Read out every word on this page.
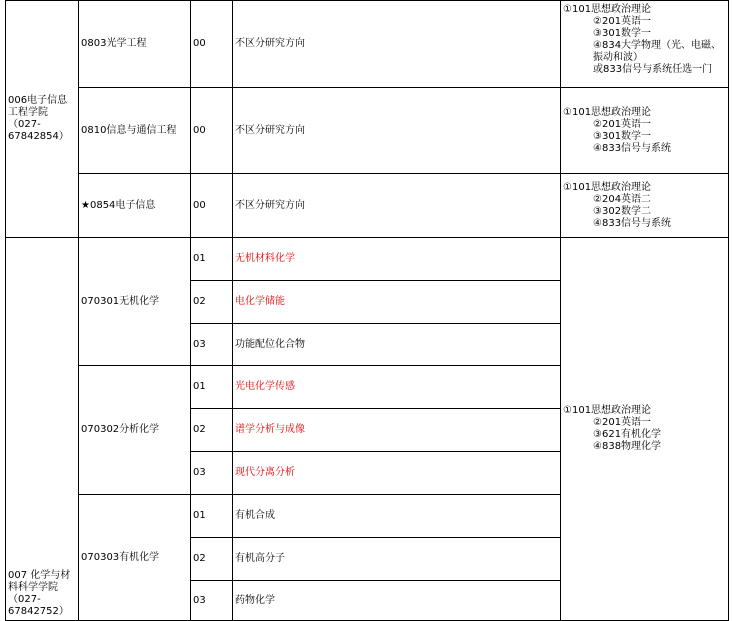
006电子信息工程学院（027-67842854）	0803光学工程	00	不区分研究方向	①101思想政治理论
②201英语一
③301数学一
④834大学物理（光、电磁、振动和波）
或833信号与系统任选一门

	0810信息与通信工程	00	不区分研究方向	①101思想政治理论
②201英语一
③301数学一
④833信号与系统

	★0854电子信息	00	不区分研究方向	①101思想政治理论
②204英语二
③302数学二
④833信号与系统

007 化学与材料科学学院（027-67842752）	070301无机化学	01	无机材料化学	①101思想政治理论
②201英语一
③621有机化学
④838物理化学

		02	电化学储能	
		03	功能配位化合物	
	070302分析化学	01	光电化学传感	
		02	谱学分析与成像	
		03	现代分离分析	
	070303有机化学	01	有机合成	
		02	有机高分子	
		03	药物化学	
